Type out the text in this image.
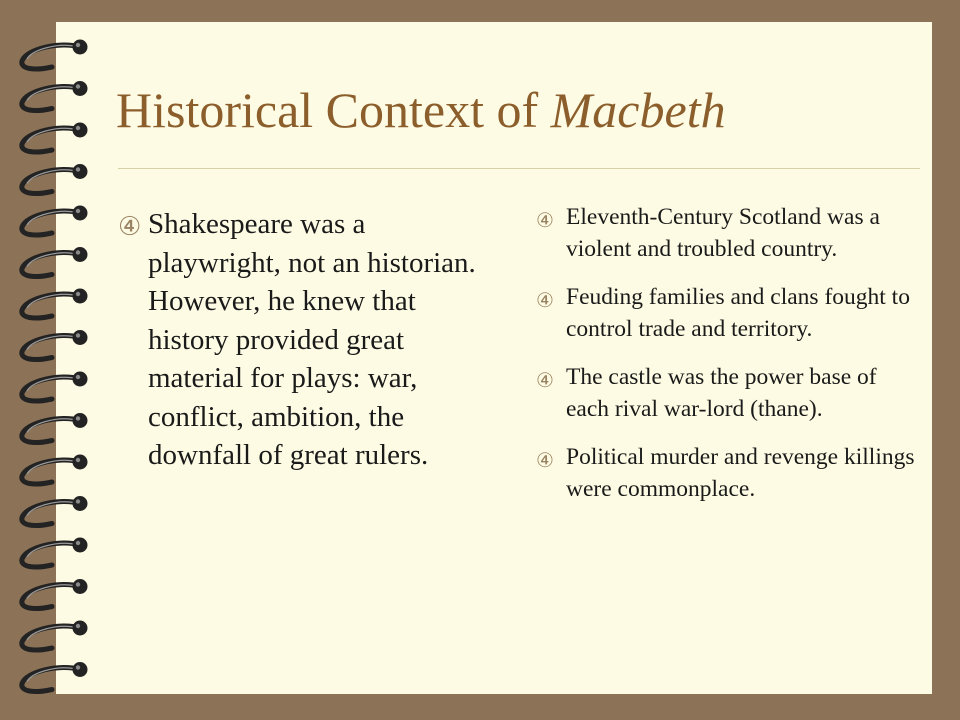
Historical Context of Macbeth
④ Shakespeare was a playwright, not an historian. However, he knew that history provided great material for plays: war, conflict, ambition, the downfall of great rulers.
④ Eleventh-Century Scotland was a violent and troubled country.
④ Feuding families and clans fought to control trade and territory.
④ The castle was the power base of each rival war-lord (thane).
④ Political murder and revenge killings were commonplace.
